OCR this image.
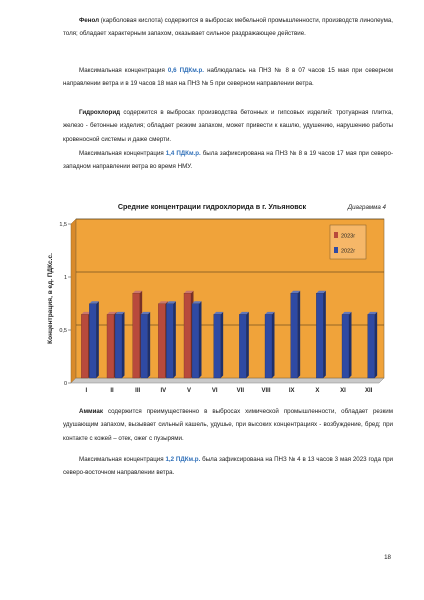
Фенол (карболовая кислота) содержится в выбросах мебельной промышленности, производств линолеума, толя; обладает характерным запахом, оказывает сильное раздражающее действие.

Максимальная концентрация 0,6 ПДКм.р. наблюдалась на ПНЗ № 8 в 07 часов 15 мая при северном направлении ветра и в 19 часов 18 мая на ПНЗ № 5 при северном направлении ветра.

Гидрохлорид содержится в выбросах производства бетонных и гипсовых изделий: тротуарная плитка, железо - бетонные изделия; обладает резким запахом, может привести к кашлю, удушению, нарушению работы кровеносной системы и даже смерти.

Максимальная концентрация 1,4 ПДКм.р. была зафиксирована на ПНЗ № 8 в 19 часов 17 мая при северо-западном направлении ветра во время НМУ.

Диаграмма 4
Средние концентрации гидрохлорида в г. Ульяновск
0
0,5
1
1,5
Концентрация, в ед. ПДКс.с.
I	II	III	IV	V	VI	VII	VIII	IX	X	XI	XII
2023г
2022г

Аммиак содержится преимущественно в выбросах химической промышленности, обладает резким удушающим запахом, вызывает сильный кашель, удушье, при высоких концентрациях - возбуждение, бред; при контакте с кожей – отек, ожег с пузырями.

Максимальная концентрация 1,2 ПДКм.р. была зафиксирована на ПНЗ № 4 в 13 часов 3 мая 2023 года при северо-восточном направлении ветра.

18
